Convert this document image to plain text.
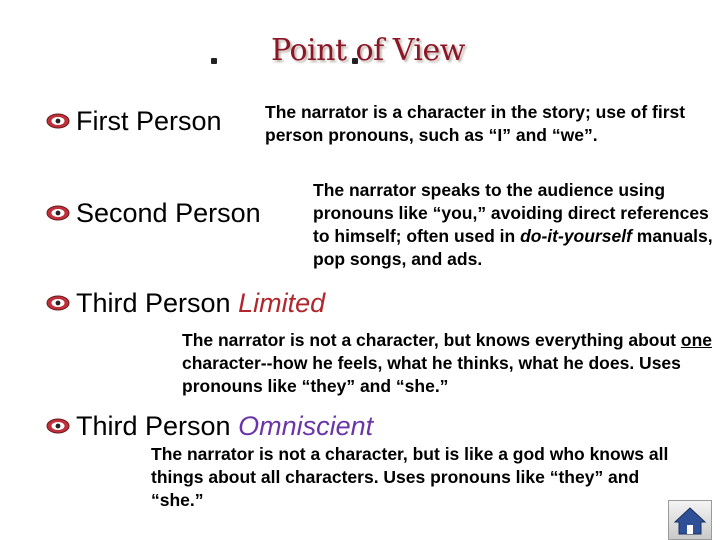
Point of View
First Person The narrator is a character in the story; use of first person pronouns, such as “I” and “we”.
Second Person
The narrator speaks to the audience using pronouns like “you,” avoiding direct references to himself; often used in do-it-yourself manuals, pop songs, and ads.
Third Person Limited
The narrator is not a character, but knows everything about one character--how he feels, what he thinks, what he does. Uses pronouns like “they” and “she.”
Third Person Omniscient
The narrator is not a character, but is like a god who knows all things about all characters. Uses pronouns like “they” and “she.”
